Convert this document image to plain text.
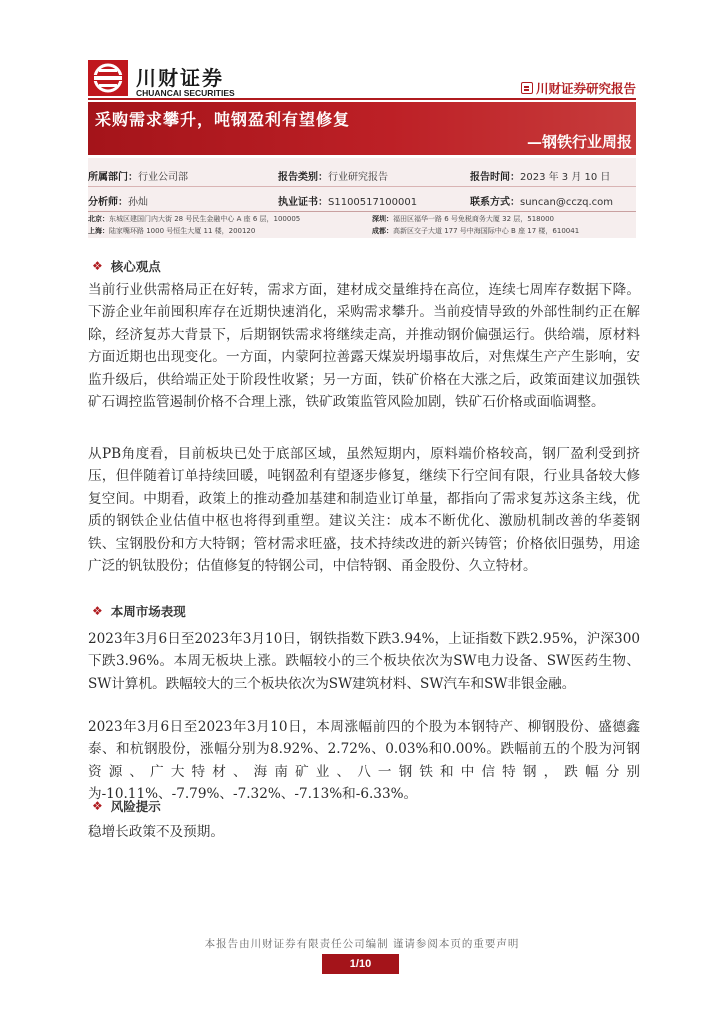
川财证券
CHUANCAI SECURITIES	川财证券研究报告
采购需求攀升，吨钢盈利有望修复
—钢铁行业周报
所属部门：行业公司部	报告类别：行业研究报告	报告时间：2023 年 3 月 10 日
分析师：孙灿	执业证书：S1100517100001	联系方式：suncan@cczq.com
北京：东城区建国门内大街 28 号民生金融中心 A 座 6 层，100005	深圳：福田区福华一路 6 号免税商务大厦 32 层，518000
上海：陆家嘴环路 1000 号恒生大厦 11 楼，200120	成都：高新区交子大道 177 号中海国际中心 B 座 17 楼，610041
❖ 核心观点
当前行业供需格局正在好转，需求方面，建材成交量维持在高位，连续七周库存数据下降。下游企业年前囤积库存在近期快速消化，采购需求攀升。当前疫情导致的外部性制约正在解除，经济复苏大背景下，后期钢铁需求将继续走高，并推动钢价偏强运行。供给端，原材料方面近期也出现变化。一方面，内蒙阿拉善露天煤炭坍塌事故后，对焦煤生产产生影响，安监升级后，供给端正处于阶段性收紧；另一方面，铁矿价格在大涨之后，政策面建议加强铁矿石调控监管遏制价格不合理上涨，铁矿政策监管风险加剧，铁矿石价格或面临调整。
从PB角度看，目前板块已处于底部区域，虽然短期内，原料端价格较高，钢厂盈利受到挤压，但伴随着订单持续回暖，吨钢盈利有望逐步修复，继续下行空间有限，行业具备较大修复空间。中期看，政策上的推动叠加基建和制造业订单量，都指向了需求复苏这条主线，优质的钢铁企业估值中枢也将得到重塑。建议关注：成本不断优化、激励机制改善的华菱钢铁、宝钢股份和方大特钢；管材需求旺盛，技术持续改进的新兴铸管；价格依旧强势，用途广泛的钒钛股份；估值修复的特钢公司，中信特钢、甬金股份、久立特材。
❖ 本周市场表现
2023年3月6日至2023年3月10日，钢铁指数下跌3.94%，上证指数下跌2.95%，沪深300下跌3.96%。本周无板块上涨。跌幅较小的三个板块依次为SW电力设备、SW医药生物、SW计算机。跌幅较大的三个板块依次为SW建筑材料、SW汽车和SW非银金融。
2023年3月6日至2023年3月10日，本周涨幅前四的个股为本钢特产、柳钢股份、盛德鑫泰、和杭钢股份，涨幅分别为8.92%、2.72%、0.03%和0.00%。跌幅前五的个股为河钢资源、广大特材、海南矿业、八一钢铁和中信特钢，跌幅分别为-10.11%、-7.79%、-7.32%、-7.13%和-6.33%。
❖ 风险提示
稳增长政策不及预期。
本报告由川财证券有限责任公司编制 谨请参阅本页的重要声明
1/10
